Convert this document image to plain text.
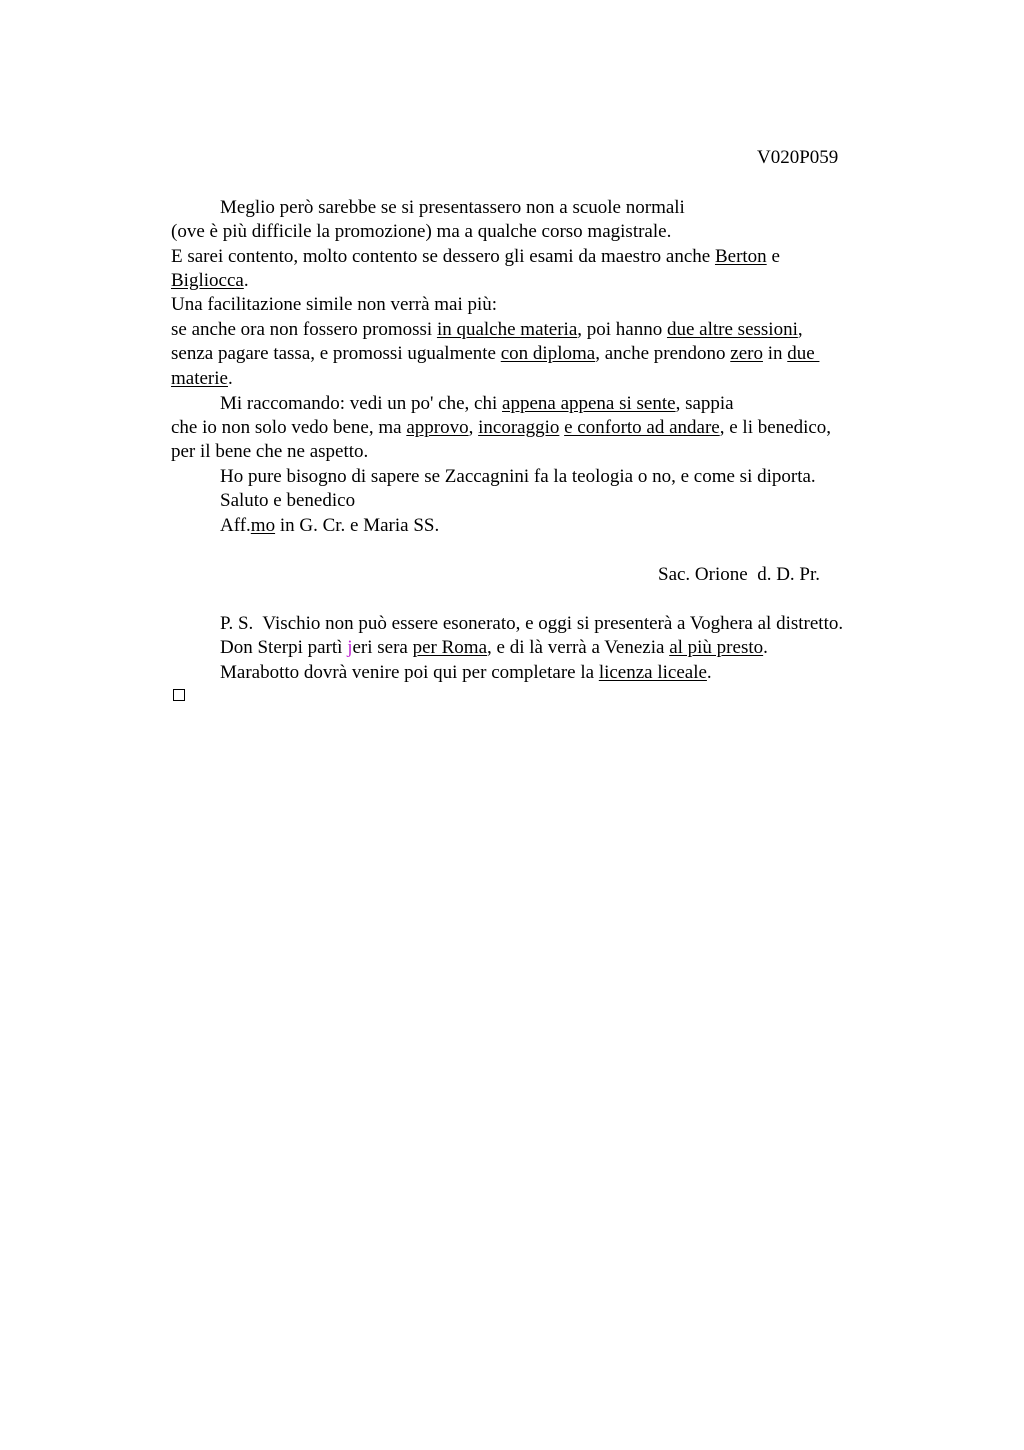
V020P059
Meglio però sarebbe se si presentassero non a scuole normali
(ove è più difficile la promozione) ma a qualche corso magistrale.
E sarei contento, molto contento se dessero gli esami da maestro anche Berton e
Bigliocca.
Una facilitazione simile non verrà mai più:
se anche ora non fossero promossi in qualche materia, poi hanno due altre sessioni,
senza pagare tassa, e promossi ugualmente con diploma, anche prendono zero in due
materie.
Mi raccomando: vedi un po' che, chi appena appena si sente, sappia
che io non solo vedo bene, ma approvo, incoraggio e conforto ad andare, e li benedico,
per il bene che ne aspetto.
Ho pure bisogno di sapere se Zaccagnini fa la teologia o no, e come si diporta.
Saluto e benedico
Aff.mo in G. Cr. e Maria SS.
Sac. Orione  d. D. Pr.
P. S.  Vischio non può essere esonerato, e oggi si presenterà a Voghera al distretto.
Don Sterpi partì jeri sera per Roma, e di là verrà a Venezia al più presto.
Marabotto dovrà venire poi qui per completare la licenza liceale.
